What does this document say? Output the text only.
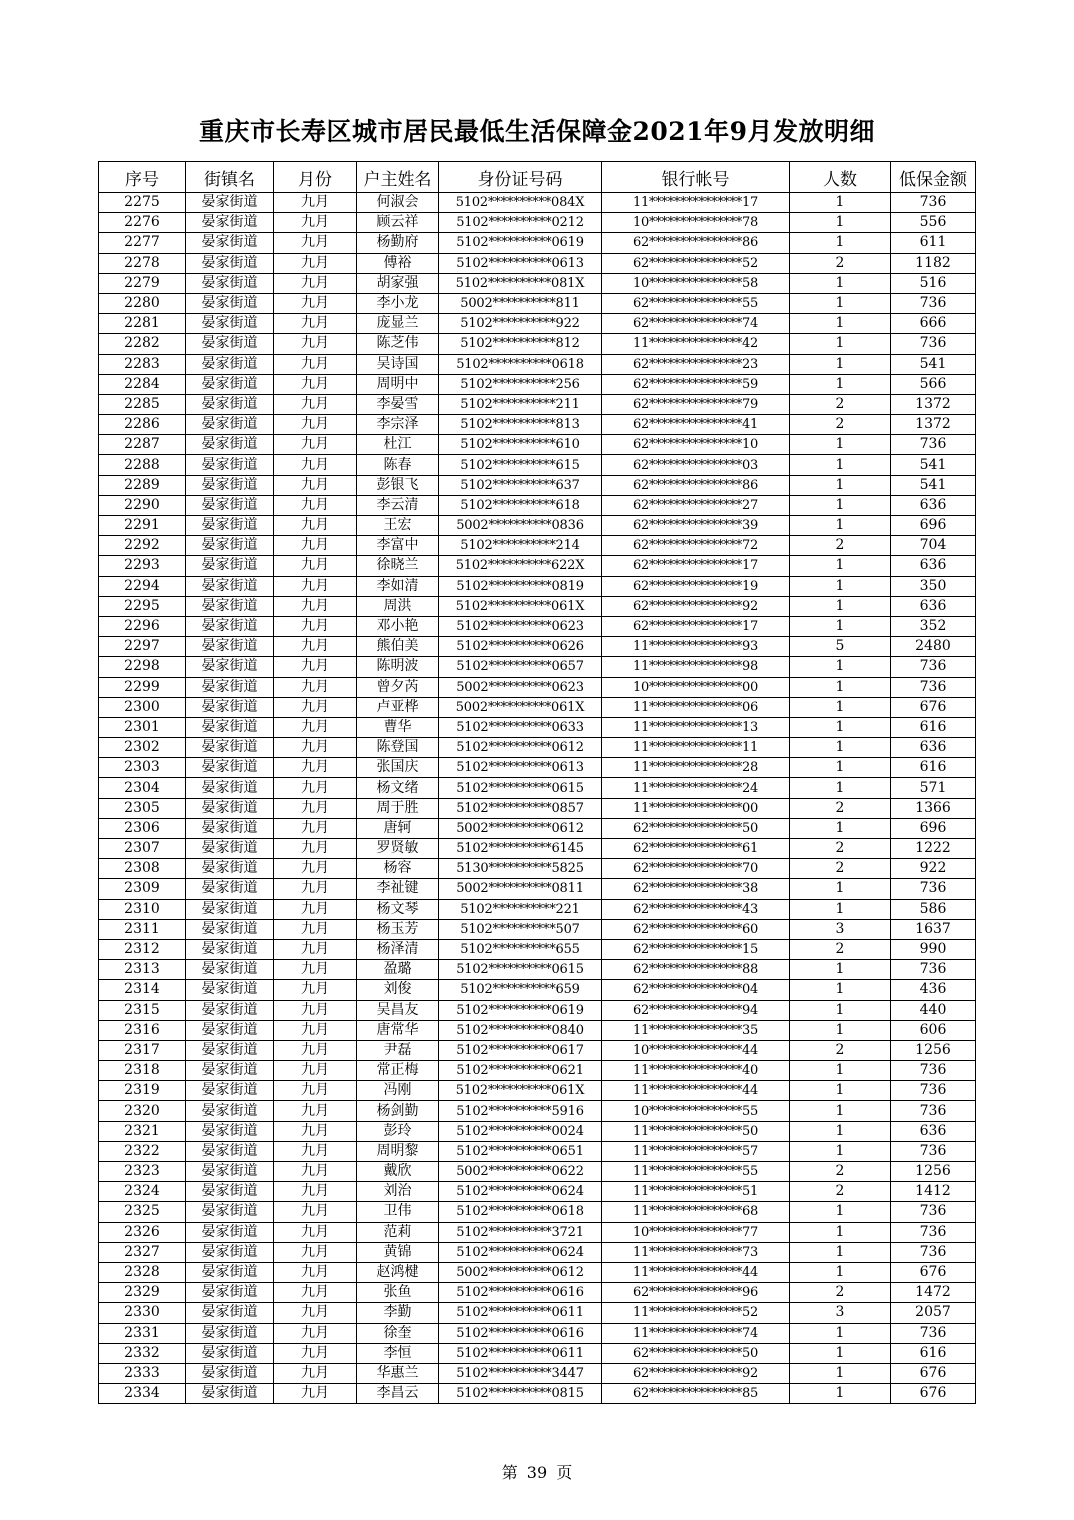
重庆市长寿区城市居民最低生活保障金2021年9月发放明细
序号	街镇名	月份	户主姓名	身份证号码	银行帐号	人数	低保金额
2275	晏家街道	九月	何淑会	5102**********084X	11***************17	1	736
2276	晏家街道	九月	顾云祥	5102**********0212	10***************78	1	556
2277	晏家街道	九月	杨勤府	5102**********0619	62***************86	1	611
2278	晏家街道	九月	傅裕	5102**********0613	62***************52	2	1182
2279	晏家街道	九月	胡家强	5102**********081X	10***************58	1	516
2280	晏家街道	九月	李小龙	5002**********811	62***************55	1	736
2281	晏家街道	九月	庞显兰	5102**********922	62***************74	1	666
2282	晏家街道	九月	陈芝伟	5102**********812	11***************42	1	736
2283	晏家街道	九月	吴诗国	5102**********0618	62***************23	1	541
2284	晏家街道	九月	周明中	5102**********256	62***************59	1	566
2285	晏家街道	九月	李晏雪	5102**********211	62***************79	2	1372
2286	晏家街道	九月	李宗泽	5102**********813	62***************41	2	1372
2287	晏家街道	九月	杜江	5102**********610	62***************10	1	736
2288	晏家街道	九月	陈春	5102**********615	62***************03	1	541
2289	晏家街道	九月	彭银飞	5102**********637	62***************86	1	541
2290	晏家街道	九月	李云清	5102**********618	62***************27	1	636
2291	晏家街道	九月	王宏	5002**********0836	62***************39	1	696
2292	晏家街道	九月	李富中	5102**********214	62***************72	2	704
2293	晏家街道	九月	徐晓兰	5102**********622X	62***************17	1	636
2294	晏家街道	九月	李如清	5102**********0819	62***************19	1	350
2295	晏家街道	九月	周洪	5102**********061X	62***************92	1	636
2296	晏家街道	九月	邓小艳	5102**********0623	62***************17	1	352
2297	晏家街道	九月	熊伯美	5102**********0626	11***************93	5	2480
2298	晏家街道	九月	陈明波	5102**********0657	11***************98	1	736
2299	晏家街道	九月	曾夕芮	5002**********0623	10***************00	1	736
2300	晏家街道	九月	卢亚桦	5002**********061X	11***************06	1	676
2301	晏家街道	九月	曹华	5102**********0633	11***************13	1	616
2302	晏家街道	九月	陈登国	5102**********0612	11***************11	1	636
2303	晏家街道	九月	张国庆	5102**********0613	11***************28	1	616
2304	晏家街道	九月	杨文绪	5102**********0615	11***************24	1	571
2305	晏家街道	九月	周于胜	5102**********0857	11***************00	2	1366
2306	晏家街道	九月	唐轲	5002**********0612	62***************50	1	696
2307	晏家街道	九月	罗贤敏	5102**********6145	62***************61	2	1222
2308	晏家街道	九月	杨容	5130**********5825	62***************70	2	922
2309	晏家街道	九月	李祉键	5002**********0811	62***************38	1	736
2310	晏家街道	九月	杨文琴	5102**********221	62***************43	1	586
2311	晏家街道	九月	杨玉芳	5102**********507	62***************60	3	1637
2312	晏家街道	九月	杨泽清	5102**********655	62***************15	2	990
2313	晏家街道	九月	盈璐	5102**********0615	62***************88	1	736
2314	晏家街道	九月	刘俊	5102**********659	62***************04	1	436
2315	晏家街道	九月	吴昌友	5102**********0619	62***************94	1	440
2316	晏家街道	九月	唐常华	5102**********0840	11***************35	1	606
2317	晏家街道	九月	尹磊	5102**********0617	10***************44	2	1256
2318	晏家街道	九月	常正梅	5102**********0621	11***************40	1	736
2319	晏家街道	九月	冯刚	5102**********061X	11***************44	1	736
2320	晏家街道	九月	杨剑勤	5102**********5916	10***************55	1	736
2321	晏家街道	九月	彭玲	5102**********0024	11***************50	1	636
2322	晏家街道	九月	周明黎	5102**********0651	11***************57	1	736
2323	晏家街道	九月	戴欣	5002**********0622	11***************55	2	1256
2324	晏家街道	九月	刘治	5102**********0624	11***************51	2	1412
2325	晏家街道	九月	卫伟	5102**********0618	11***************68	1	736
2326	晏家街道	九月	范莉	5102**********3721	10***************77	1	736
2327	晏家街道	九月	黄锦	5102**********0624	11***************73	1	736
2328	晏家街道	九月	赵鸿楗	5002**********0612	11***************44	1	676
2329	晏家街道	九月	张鱼	5102**********0616	62***************96	2	1472
2330	晏家街道	九月	李勤	5102**********0611	11***************52	3	2057
2331	晏家街道	九月	徐奎	5102**********0616	11***************74	1	736
2332	晏家街道	九月	李恒	5102**********0611	62***************50	1	616
2333	晏家街道	九月	华惠兰	5102**********3447	62***************92	1	676
2334	晏家街道	九月	李昌云	5102**********0815	62***************85	1	676
第 39 页
